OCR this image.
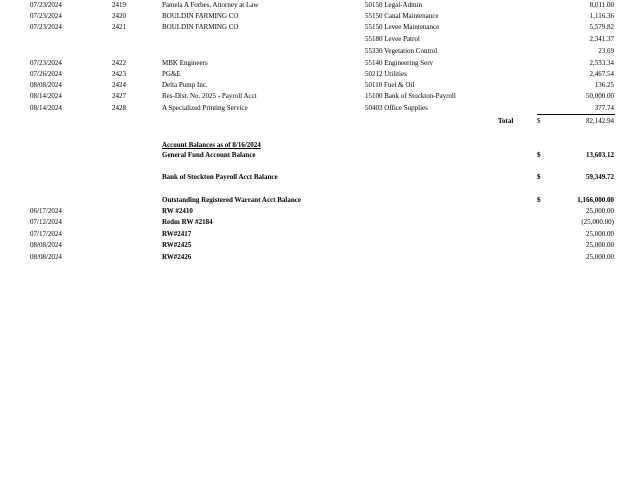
07/23/2024	2419	Pamela A Forbes, Attorney at Law	50150 Legal-Admin	8,011.00
07/23/2024	2420	BOULDIN FARMING CO	55150 Canal Maintenance	1,116.36
07/23/2024	2421	BOULDIN FARMING CO	55150 Levee Maintenance	5,579.82
55180 Levee Patrol	2,341.37
55330 Vegetation Control	23.69
07/23/2024	2422	MBK Engineers	55140 Engineering Serv	2,533.34
07/26/2024	2423	PG&E	50212 Utilities	2,467.54
08/08/2024	2424	Delta Pump Inc.	50110 Fuel & Oil	136.25
08/14/2024	2427	Res-Dist. No. 2025 - Payroll Acct	15100 Bank of Stockton-Payroll	50,000.00
08/14/2024	2428	A Specialized Printing Service	50403 Office Supplies	377.74
Total	$	82,142.94
Account Balances as of 8/16/2024
General Fund Account Balance	$	13,603.12
Bank of Stockton Payroll Acct Balance	$	59,349.72
Outstanding Registered Warrant Acct Balance	$	1,166,000.00
06/17/2024	RW #2410	25,000.00
07/12/2024	Redm RW #2184	(25,000.00)
07/17/2024	RW#2417	25,000.00
08/08/2024	RW#2425	25,000.00
08/08/2024	RW#2426	25,000.00
